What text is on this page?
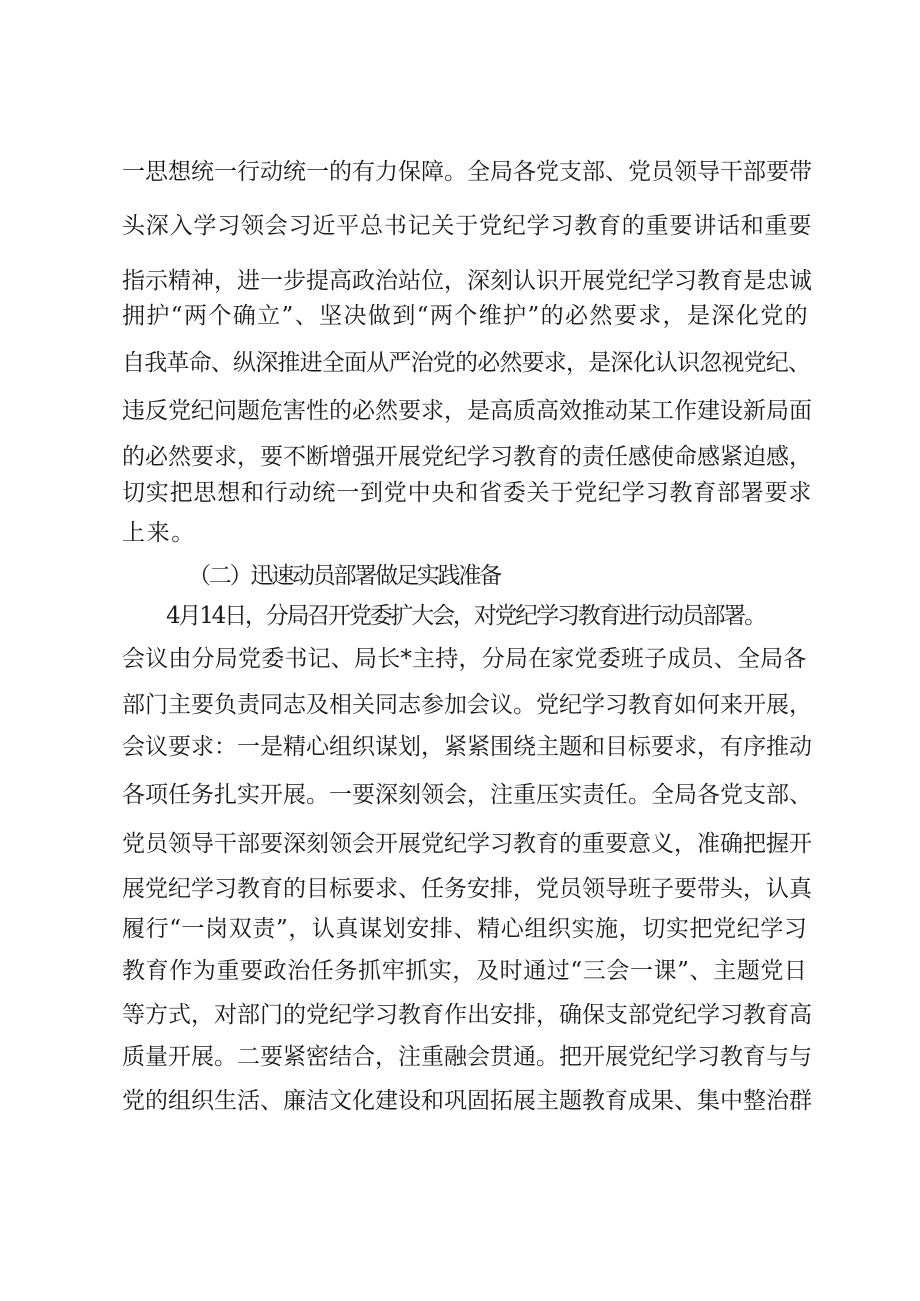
一思想统一行动统一的有力保障。全局各党支部、党员领导干部要带
头深入学习领会习近平总书记关于党纪学习教育的重要讲话和重要
指示精神，进一步提高政治站位，深刻认识开展党纪学习教育是忠诚
拥护“两个确立”、坚决做到“两个维护”的必然要求，是深化党的
自我革命、纵深推进全面从严治党的必然要求，是深化认识忽视党纪、
违反党纪问题危害性的必然要求，是高质高效推动某工作建设新局面
的必然要求，要不断增强开展党纪学习教育的责任感使命感紧迫感，
切实把思想和行动统一到党中央和省委关于党纪学习教育部署要求
上来。
（二）迅速动员部署做足实践准备
4月14日，分局召开党委扩大会，对党纪学习教育进行动员部署。
会议由分局党委书记、局长*主持，分局在家党委班子成员、全局各
部门主要负责同志及相关同志参加会议。党纪学习教育如何来开展，
会议要求：一是精心组织谋划，紧紧围绕主题和目标要求，有序推动
各项任务扎实开展。一要深刻领会，注重压实责任。全局各党支部、
党员领导干部要深刻领会开展党纪学习教育的重要意义，准确把握开
展党纪学习教育的目标要求、任务安排，党员领导班子要带头，认真
履行“一岗双责”，认真谋划安排、精心组织实施，切实把党纪学习
教育作为重要政治任务抓牢抓实，及时通过“三会一课”、主题党日
等方式，对部门的党纪学习教育作出安排，确保支部党纪学习教育高
质量开展。二要紧密结合，注重融会贯通。把开展党纪学习教育与与
党的组织生活、廉洁文化建设和巩固拓展主题教育成果、集中整治群
